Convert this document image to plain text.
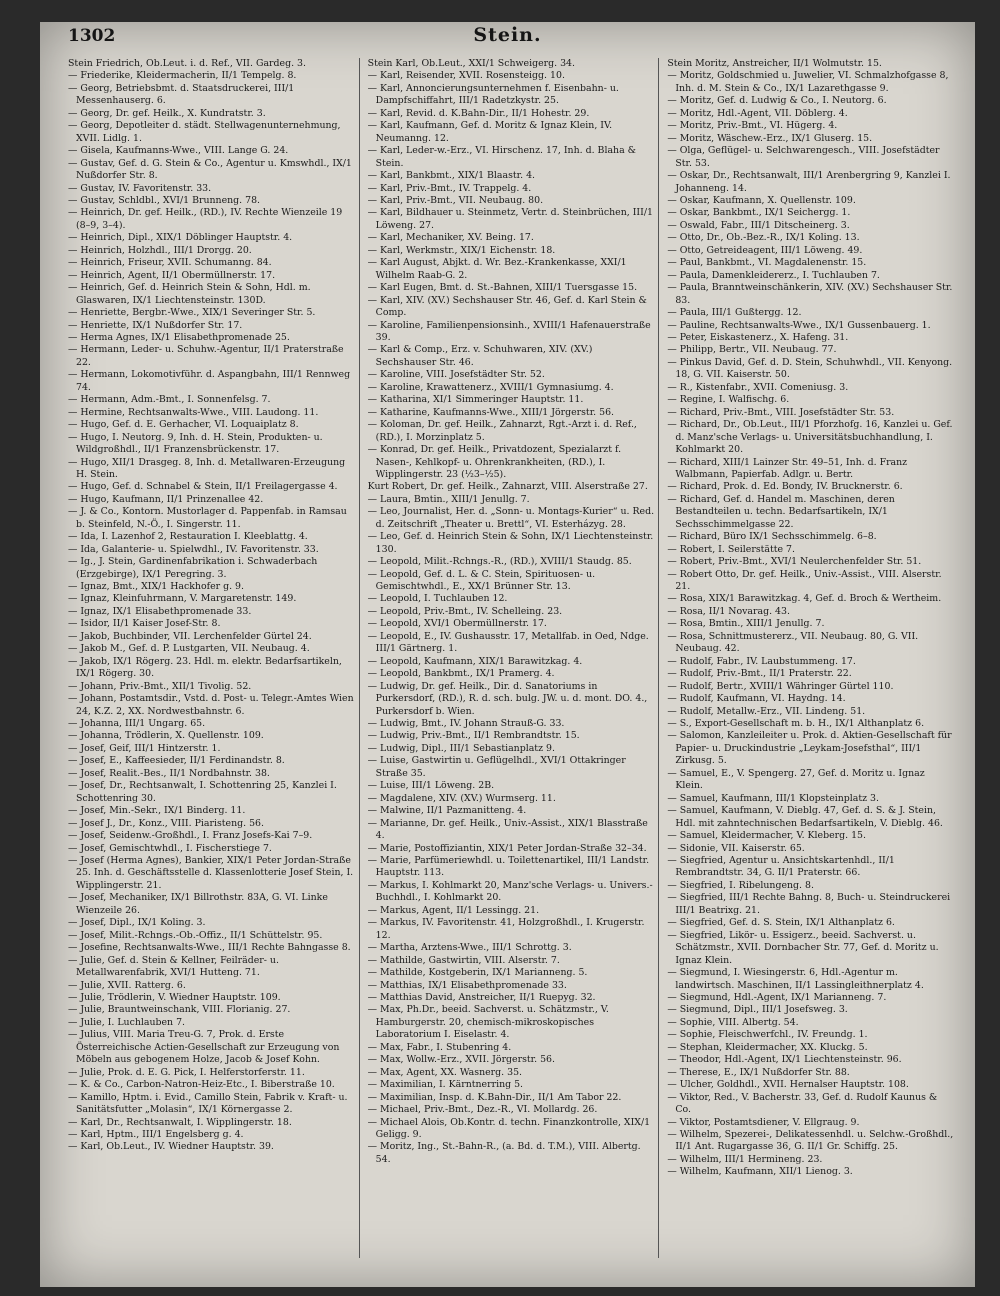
1302	Stein.
Stein Friedrich, Ob.Leut. i. d. Ref., VII. Gardeg. 3.
— Friederike, Kleidermacherin, II/1 Tempelg. 8.
— Georg, Betriebsbmt. d. Staatsdruckerei, III/1 Messenhauserg. 6.
— Georg, Dr. gef. Heilk., X. Kundratstr. 3.
— Georg, Depotleiter d. städt. Stellwagenunternehmung, XVII. Lidlg. 1.
— Gisela, Kaufmanns-Wwe., VIII. Lange G. 24.
— Gustav, Gef. d. G. Stein & Co., Agentur u. Kmswhdl., IX/1 Nußdorfer Str. 8.
— Gustav, IV. Favoritenstr. 33.
— Gustav, Schldbl., XVI/1 Brunneng. 78.
— Heinrich, Dr. gef. Heilk., (RD.), IV. Rechte Wienzeile 19 (8–9, 3–4).
— Heinrich, Dipl., XIX/1 Döblinger Hauptstr. 4.
— Heinrich, Holzhdl., III/1 Drorgg. 20.
— Heinrich, Friseur, XVII. Schumanng. 84.
— Heinrich, Agent, II/1 Obermüllnerstr. 17.
— Heinrich, Gef. d. Heinrich Stein & Sohn, Hdl. m. Glaswaren, IX/1 Liechtensteinstr. 130D.
— Henriette, Bergbr.-Wwe., XIX/1 Severinger Str. 5.
— Henriette, IX/1 Nußdorfer Str. 17.
— Herma Agnes, IX/1 Elisabethpromenade 25.
— Hermann, Leder- u. Schuhw.-Agentur, II/1 Praterstraße 22.
— Hermann, Lokomotivführ. d. Aspangbahn, III/1 Rennweg 74.
— Hermann, Adm.-Bmt., I. Sonnenfelsg. 7.
— Hermine, Rechtsanwalts-Wwe., VIII. Laudong. 11.
— Hugo, Gef. d. E. Gerhacher, VI. Loquaiplatz 8.
— Hugo, I. Neutorg. 9, Inh. d. H. Stein, Produkten- u. Wildgroßhdl., II/1 Franzensbrückenstr. 17.
— Hugo, XII/1 Drasgeg. 8, Inh. d. Metallwaren-Erzeugung H. Stein.
— Hugo, Gef. d. Schnabel & Stein, II/1 Freilagergasse 4.
— Hugo, Kaufmann, II/1 Prinzenallee 42.
— J. & Co., Kontorn. Mustorlager d. Pappenfab. in Ramsau b. Steinfeld, N.-Ö., I. Singerstr. 11.
— Ida, I. Lazenhof 2, Restauration I. Kleeblattg. 4.
— Ida, Galanterie- u. Spielwdhl., IV. Favoritenstr. 33.
— Ig., J. Stein, Gardinenfabrikation i. Schwaderbach (Erzgebirge), IX/1 Peregring. 3.
— Ignaz, Bmt., XIX/1 Hackhofer g. 9.
— Ignaz, Kleinfuhrmann, V. Margaretenstr. 149.
— Ignaz, IX/1 Elisabethpromenade 33.
— Isidor, II/1 Kaiser Josef-Str. 8.
— Jakob, Buchbinder, VII. Lerchenfelder Gürtel 24.
— Jakob M., Gef. d. P. Lustgarten, VII. Neubaug. 4.
— Jakob, IX/1 Rögerg. 23. Hdl. m. elektr. Bedarfsartikeln, IX/1 Rögerg. 30.
— Johann, Priv.-Bmt., XII/1 Tivolig. 52.
— Johann, Postamtsdir., Vstd. d. Post- u. Telegr.-Amtes Wien 24, K.Z. 2, XX. Nordwestbahnstr. 6.
— Johanna, III/1 Ungarg. 65.
— Johanna, Trödlerin, X. Quellenstr. 109.
— Josef, Geif, III/1 Hintzerstr. 1.
— Josef, E., Kaffeesieder, II/1 Ferdinandstr. 8.
— Josef, Realit.-Bes., II/1 Nordbahnstr. 38.
— Josef, Dr., Rechtsanwalt, I. Schottenring 25, Kanzlei I. Schottenring 30.
— Josef, Min.-Sekr., IX/1 Binderg. 11.
— Josef J., Dr., Konz., VIII. Piaristeng. 56.
— Josef, Seidenw.-Großhdl., I. Franz Josefs-Kai 7–9.
— Josef, Gemischtwhdl., I. Fischerstiege 7.
— Josef (Herma Agnes), Bankier, XIX/1 Peter Jordan-Straße 25. Inh. d. Geschäftsstelle d. Klassenlotterie Josef Stein, I. Wipplingerstr. 21.
— Josef, Mechaniker, IX/1 Billrothstr. 83A, G. VI. Linke Wienzeile 26.
— Josef, Dipl., IX/1 Koling. 3.
— Josef, Milit.-Rchngs.-Ob.-Offiz., II/1 Schüttelstr. 95.
— Josefine, Rechtsanwalts-Wwe., III/1 Rechte Bahngasse 8.
— Julie, Gef. d. Stein & Kellner, Feilräder- u. Metallwarenfabrik, XVI/1 Hutteng. 71.
— Julie, XVII. Ratterg. 6.
— Julie, Trödlerin, V. Wiedner Hauptstr. 109.
— Julie, Brauntweinschank, VIII. Florianig. 27.
— Julie, I. Luchlauben 7.
— Julius, VIII. Maria Treu-G. 7, Prok. d. Erste Österreichische Actien-Gesellschaft zur Erzeugung von Möbeln aus gebogenem Holze, Jacob & Josef Kohn.
— Julie, Prok. d. E. G. Pick, I. Helferstorferstr. 11.
— K. & Co., Carbon-Natron-Heiz-Etc., I. Biberstraße 10.
— Kamillo, Hptm. i. Evid., Camillo Stein, Fabrik v. Kraft- u. Sanitätsfutter „Molasin“, IX/1 Körnergasse 2.
— Karl, Dr., Rechtsanwalt, I. Wipplingerstr. 18.
— Karl, Hptm., III/1 Engelsberg g. 4.
— Karl, Ob.Leut., IV. Wiedner Hauptstr. 39.
Stein Karl, Ob.Leut., XXI/1 Schweigerg. 34.
— Karl, Reisender, XVII. Rosensteigg. 10.
— Karl, Annoncierungsunternehmen f. Eisenbahn- u. Dampfschiffahrt, III/1 Radetzkystr. 25.
— Karl, Revid. d. K.Bahn-Dir., II/1 Hohestr. 29.
— Karl, Kaufmann, Gef. d. Moritz & Ignaz Klein, IV. Neumanng. 12.
— Karl, Leder-w.-Erz., VI. Hirschenz. 17, Inh. d. Blaha & Stein.
— Karl, Bankbmt., XIX/1 Blaastr. 4.
— Karl, Priv.-Bmt., IV. Trappelg. 4.
— Karl, Priv.-Bmt., VII. Neubaug. 80.
— Karl, Bildhauer u. Steinmetz, Vertr. d. Steinbrüchen, III/1 Löweng. 27.
— Karl, Mechaniker, XV. Being. 17.
— Karl, Werkmstr., XIX/1 Eichenstr. 18.
— Karl August, Abjkt. d. Wr. Bez.-Krankenkasse, XXI/1 Wilhelm Raab-G. 2.
— Karl Eugen, Bmt. d. St.-Bahnen, XIII/1 Tuersgasse 15.
— Karl, XIV. (XV.) Sechshauser Str. 46, Gef. d. Karl Stein & Comp.
— Karoline, Familienpensionsinh., XVIII/1 Hafenauerstraße 39.
— Karl & Comp., Erz. v. Schuhwaren, XIV. (XV.) Sechshauser Str. 46.
— Karoline, VIII. Josefstädter Str. 52.
— Karoline, Krawattenerz., XVIII/1 Gymnasiumg. 4.
— Katharina, XI/1 Simmeringer Hauptstr. 11.
— Katharine, Kaufmanns-Wwe., XIII/1 Jörgerstr. 56.
— Koloman, Dr. gef. Heilk., Zahnarzt, Rgt.-Arzt i. d. Ref., (RD.), I. Morzinplatz 5.
— Konrad, Dr. gef. Heilk., Privatdozent, Spezialarzt f. Nasen-, Kehlkopf- u. Ohrenkrankheiten, (RD.), I. Wipplingerstr. 23 (½3–½5).
Kurt Robert, Dr. gef. Heilk., Zahnarzt, VIII. Alserstraße 27.
— Laura, Bmtin., XIII/1 Jenullg. 7.
— Leo, Journalist, Her. d. „Sonn- u. Montags-Kurier“ u. Red. d. Zeitschrift „Theater u. Brettl“, VI. Esterházyg. 28.
— Leo, Gef. d. Heinrich Stein & Sohn, IX/1 Liechtensteinstr. 130.
— Leopold, Milit.-Rchngs.-R., (RD.), XVIII/1 Staudg. 85.
— Leopold, Gef. d. L. & C. Stein, Spirituosen- u. Gemischtwhdl., E., XX/1 Brünner Str. 13.
— Leopold, I. Tuchlauben 12.
— Leopold, Priv.-Bmt., IV. Schelleing. 23.
— Leopold, XVI/1 Obermüllnerstr. 17.
— Leopold, E., IV. Gushausstr. 17, Metallfab. in Oed, Ndge. III/1 Gärtnerg. 1.
— Leopold, Kaufmann, XIX/1 Barawitzkag. 4.
— Leopold, Bankbmt., IX/1 Pramerg. 4.
— Ludwig, Dr. gef. Heilk., Dir. d. Sanatoriums in Purkersdorf, (RD.), R. d. sch. bulg. JW. u. d. mont. DO. 4., Purkersdorf b. Wien.
— Ludwig, Bmt., IV. Johann Strauß-G. 33.
— Ludwig, Priv.-Bmt., II/1 Rembrandtstr. 15.
— Ludwig, Dipl., III/1 Sebastianplatz 9.
— Luise, Gastwirtin u. Geflügelhdl., XVI/1 Ottakringer Straße 35.
— Luise, III/1 Löweng. 2B.
— Magdalene, XIV. (XV.) Wurmserg. 11.
— Malwine, II/1 Pazmanitteng. 4.
— Marianne, Dr. gef. Heilk., Univ.-Assist., XIX/1 Blasstraße 4.
— Marie, Postoffiziantin, XIX/1 Peter Jordan-Straße 32–34.
— Marie, Parfümeriewhdl. u. Toilettenartikel, III/1 Landstr. Hauptstr. 113.
— Markus, I. Kohlmarkt 20, Manz'sche Verlags- u. Univers.-Buchhdl., I. Kohlmarkt 20.
— Markus, Agent, II/1 Lessingg. 21.
— Markus, IV. Favoritenstr. 41, Holzgroßhdl., I. Krugerstr. 12.
— Martha, Arztens-Wwe., III/1 Schrottg. 3.
— Mathilde, Gastwirtin, VIII. Alserstr. 7.
— Mathilde, Kostgeberin, IX/1 Marianneng. 5.
— Matthias, IX/1 Elisabethpromenade 33.
— Matthias David, Anstreicher, II/1 Ruepyg. 32.
— Max, Ph.Dr., beeid. Sachverst. u. Schätzmstr., V. Hamburgerstr. 20, chemisch-mikroskopisches Laboratorium I. Eiselastr. 4.
— Max, Fabr., I. Stubenring 4.
— Max, Wollw.-Erz., XVII. Jörgerstr. 56.
— Max, Agent, XX. Wasnerg. 35.
— Maximilian, I. Kärntnerring 5.
— Maximilian, Insp. d. K.Bahn-Dir., II/1 Am Tabor 22.
— Michael, Priv.-Bmt., Dez.-R., VI. Mollardg. 26.
— Michael Alois, Ob.Kontr. d. techn. Finanzkontrolle, XIX/1 Geligg. 9.
— Moritz, Ing., St.-Bahn-R., (a. Bd. d. T.M.), VIII. Albertg. 54.
Stein Moritz, Anstreicher, II/1 Wolmutstr. 15.
— Moritz, Goldschmied u. Juwelier, VI. Schmalzhofgasse 8, Inh. d. M. Stein & Co., IX/1 Lazarethgasse 9.
— Moritz, Gef. d. Ludwig & Co., I. Neutorg. 6.
— Moritz, Hdl.-Agent, VII. Döblerg. 4.
— Moritz, Priv.-Bmt., VI. Hügerg. 4.
— Moritz, Wäschew.-Erz., IX/1 Gluserg. 15.
— Olga, Geflügel- u. Selchwarengesch., VIII. Josefstädter Str. 53.
— Oskar, Dr., Rechtsanwalt, III/1 Arenbergring 9, Kanzlei I. Johanneng. 14.
— Oskar, Kaufmann, X. Quellenstr. 109.
— Oskar, Bankbmt., IX/1 Seichergg. 1.
— Oswald, Fabr., III/1 Ditscheinerg. 3.
— Otto, Dr., Ob.-Bez.-R., IX/1 Koling. 13.
— Otto, Getreideagent, III/1 Löweng. 49.
— Paul, Bankbmt., VI. Magdalenenstr. 15.
— Paula, Damenkleidererz., I. Tuchlauben 7.
— Paula, Branntweinschänkerin, XIV. (XV.) Sechshauser Str. 83.
— Paula, III/1 Gußtergg. 12.
— Pauline, Rechtsanwalts-Wwe., IX/1 Gussenbauerg. 1.
— Peter, Eiskastenerz., X. Hafeng. 31.
— Philipp, Bertr., VII. Neubaug. 77.
— Pinkus David, Gef. d. D. Stein, Schuhwhdl., VII. Kenyong. 18, G. VII. Kaiserstr. 50.
— R., Kistenfabr., XVII. Comeniusg. 3.
— Regine, I. Walfischg. 6.
— Richard, Priv.-Bmt., VIII. Josefstädter Str. 53.
— Richard, Dr., Ob.Leut., III/1 Pforzhofg. 16, Kanzlei u. Gef. d. Manz'sche Verlags- u. Universitätsbuchhandlung, I. Kohlmarkt 20.
— Richard, XIII/1 Lainzer Str. 49–51, Inh. d. Franz Walbmann, Papierfab. Adlgr. u. Bertr.
— Richard, Prok. d. Ed. Bondy, IV. Brucknerstr. 6.
— Richard, Gef. d. Handel m. Maschinen, deren Bestandteilen u. techn. Bedarfsartikeln, IX/1 Sechsschimmelgasse 22.
— Richard, Büro IX/1 Sechsschimmelg. 6–8.
— Robert, I. Seilerstätte 7.
— Robert, Priv.-Bmt., XVI/1 Neulerchenfelder Str. 51.
— Robert Otto, Dr. gef. Heilk., Univ.-Assist., VIII. Alserstr. 21.
— Rosa, XIX/1 Barawitzkag. 4, Gef. d. Broch & Wertheim.
— Rosa, II/1 Novarag. 43.
— Rosa, Bmtin., XIII/1 Jenullg. 7.
— Rosa, Schnittmustererz., VII. Neubaug. 80, G. VII. Neubaug. 42.
— Rudolf, Fabr., IV. Laubstummeng. 17.
— Rudolf, Priv.-Bmt., II/1 Praterstr. 22.
— Rudolf, Bertr., XVIII/1 Währinger Gürtel 110.
— Rudolf, Kaufmann, VI. Haydng. 14.
— Rudolf, Metallw.-Erz., VII. Lindeng. 51.
— S., Export-Gesellschaft m. b. H., IX/1 Althanplatz 6.
— Salomon, Kanzleileiter u. Prok. d. Aktien-Gesellschaft für Papier- u. Druckindustrie „Leykam-Josefsthal“, III/1 Zirkusg. 5.
— Samuel, E., V. Spengerg. 27, Gef. d. Moritz u. Ignaz Klein.
— Samuel, Kaufmann, III/1 Klopsteinplatz 3.
— Samuel, Kaufmann, V. Dieblg. 47, Gef. d. S. & J. Stein, Hdl. mit zahntechnischen Bedarfsartikeln, V. Dieblg. 46.
— Samuel, Kleidermacher, V. Kleberg. 15.
— Sidonie, VII. Kaiserstr. 65.
— Siegfried, Agentur u. Ansichtskartenhdl., II/1 Rembrandtstr. 34, G. II/1 Praterstr. 66.
— Siegfried, I. Ribelungeng. 8.
— Siegfried, III/1 Rechte Bahng. 8, Buch- u. Steindruckerei III/1 Beatrixg. 21.
— Siegfried, Gef. d. S. Stein, IX/1 Althanplatz 6.
— Siegfried, Likör- u. Essigerz., beeid. Sachverst. u. Schätzmstr., XVII. Dornbacher Str. 77, Gef. d. Moritz u. Ignaz Klein.
— Siegmund, I. Wiesingerstr. 6, Hdl.-Agentur m. landwirtsch. Maschinen, II/1 Lassingleithnerplatz 4.
— Siegmund, Hdl.-Agent, IX/1 Marianneng. 7.
— Siegmund, Dipl., III/1 Josefsweg. 3.
— Sophie, VIII. Albertg. 54.
— Sophie, Fleischwerfchl., IV. Freundg. 1.
— Stephan, Kleidermacher, XX. Kluckg. 5.
— Theodor, Hdl.-Agent, IX/1 Liechtensteinstr. 96.
— Therese, E., IX/1 Nußdorfer Str. 88.
— Ulcher, Goldhdl., XVII. Hernalser Hauptstr. 108.
— Viktor, Red., V. Bacherstr. 33, Gef. d. Rudolf Kaunus & Co.
— Viktor, Postamtsdiener, V. Ellgraug. 9.
— Wilhelm, Spezerei-, Delikatessenhdl. u. Selchw.-Großhdl., II/1 Ant. Rugargasse 36, G. II/1 Gr. Schiffg. 25.
— Wilhelm, III/1 Hermineng. 23.
— Wilhelm, Kaufmann, XII/1 Lienog. 3.
